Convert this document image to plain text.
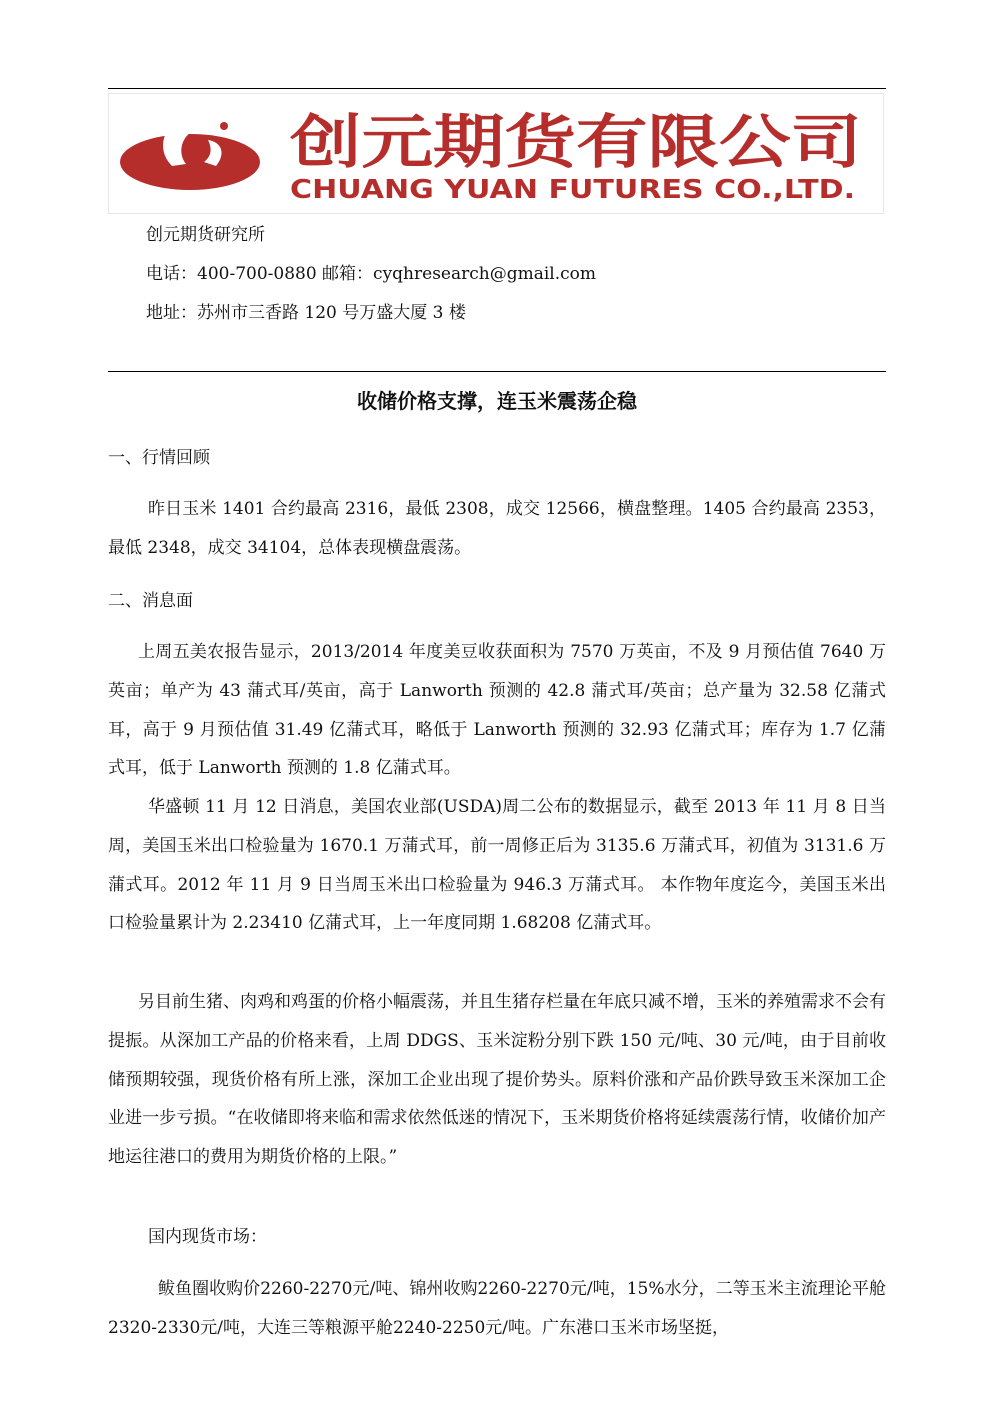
创元期货有限公司
CHUANG YUAN FUTURES CO.,LTD.
创元期货研究所
电话：400-700-0880 邮箱：cyqhresearch@gmail.com
地址：苏州市三香路 120 号万盛大厦 3 楼
收储价格支撑，连玉米震荡企稳
一、行情回顾

昨日玉米 1401 合约最高 2316，最低 2308，成交 12566，横盘整理。1405 合约最高 2353，最低 2348，成交 34104，总体表现横盘震荡。

二、消息面

上周五美农报告显示，2013/2014 年度美豆收获面积为 7570 万英亩，不及 9 月预估值 7640 万英亩；单产为 43 蒲式耳/英亩，高于 Lanworth 预测的 42.8 蒲式耳/英亩；总产量为 32.58 亿蒲式耳，高于 9 月预估值 31.49 亿蒲式耳，略低于 Lanworth 预测的 32.93 亿蒲式耳；库存为 1.7 亿蒲式耳，低于 Lanworth 预测的 1.8 亿蒲式耳。

华盛顿 11 月 12 日消息，美国农业部(USDA)周二公布的数据显示，截至 2013 年 11 月 8 日当周，美国玉米出口检验量为 1670.1 万蒲式耳，前一周修正后为 3135.6 万蒲式耳，初值为 3131.6 万蒲式耳。2012 年 11 月 9 日当周玉米出口检验量为 946.3 万蒲式耳。 本作物年度迄今，美国玉米出口检验量累计为 2.23410 亿蒲式耳，上一年度同期 1.68208 亿蒲式耳。

另目前生猪、肉鸡和鸡蛋的价格小幅震荡，并且生猪存栏量在年底只减不增，玉米的养殖需求不会有提振。从深加工产品的价格来看，上周 DDGS、玉米淀粉分别下跌 150 元/吨、30 元/吨，由于目前收储预期较强，现货价格有所上涨，深加工企业出现了提价势头。原料价涨和产品价跌导致玉米深加工企业进一步亏损。“在收储即将来临和需求依然低迷的情况下，玉米期货价格将延续震荡行情，收储价加产地运往港口的费用为期货价格的上限。”

国内现货市场：

鲅鱼圈收购价2260-2270元/吨、锦州收购2260-2270元/吨，15%水分，二等玉米主流理论平舱2320-2330元/吨，大连三等粮源平舱2240-2250元/吨。广东港口玉米市场坚挺，
